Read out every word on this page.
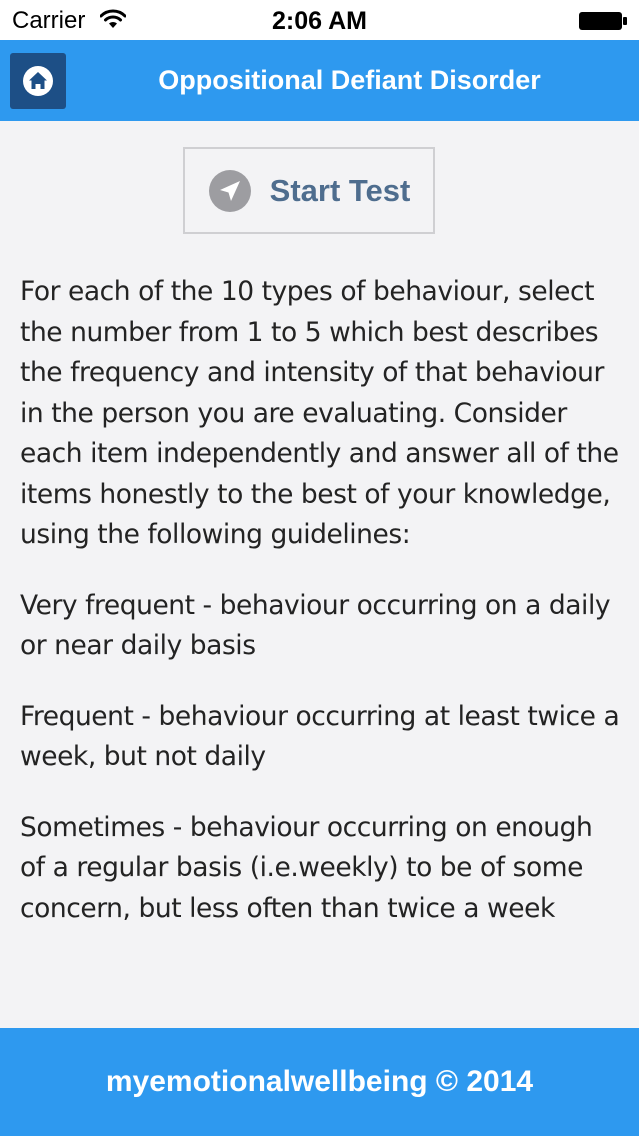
Carrier	2:06 AM
Oppositional Defiant Disorder
Start Test

For each of the 10 types of behaviour, select the number from 1 to 5 which best describes the frequency and intensity of that behaviour in the person you are evaluating. Consider each item independently and answer all of the items honestly to the best of your knowledge, using the following guidelines:

Very frequent - behaviour occurring on a daily or near daily basis

Frequent - behaviour occurring at least twice a week, but not daily

Sometimes - behaviour occurring on enough of a regular basis (i.e.weekly) to be of some concern, but less often than twice a week

myemotionalwellbeing © 2014
